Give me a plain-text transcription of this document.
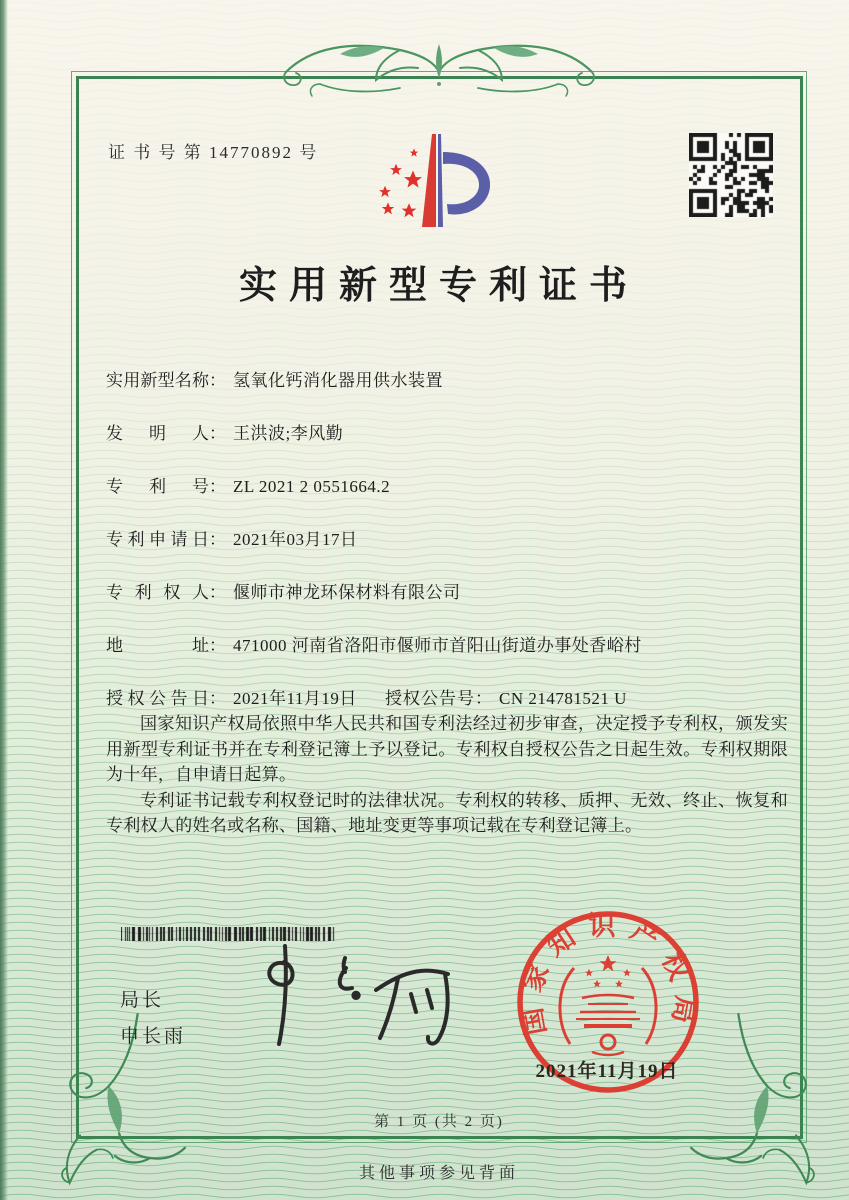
证 书 号 第 14770892 号
实用新型专利证书
实用新型名称： 氢氧化钙消化器用供水装置
发明人： 王洪波;李风勤
专利号： ZL 2021 2 0551664.2
专利申请日： 2021年03月17日
专利权人： 偃师市神龙环保材料有限公司
地址： 471000 河南省洛阳市偃师市首阳山街道办事处香峪村
授权公告日： 2021年11月19日 授权公告号： CN 214781521 U

国家知识产权局依照中华人民共和国专利法经过初步审查，决定授予专利权，颁发实用新型专利证书并在专利登记簿上予以登记。专利权自授权公告之日起生效。专利权期限为十年，自申请日起算。

专利证书记载专利权登记时的法律状况。专利权的转移、质押、无效、终止、恢复和专利权人的姓名或名称、国籍、地址变更等事项记载在专利登记簿上。

局长
申长雨	国家知识产权局
2021年11月19日
第 1 页 (共 2 页)
其他事项参见背面
